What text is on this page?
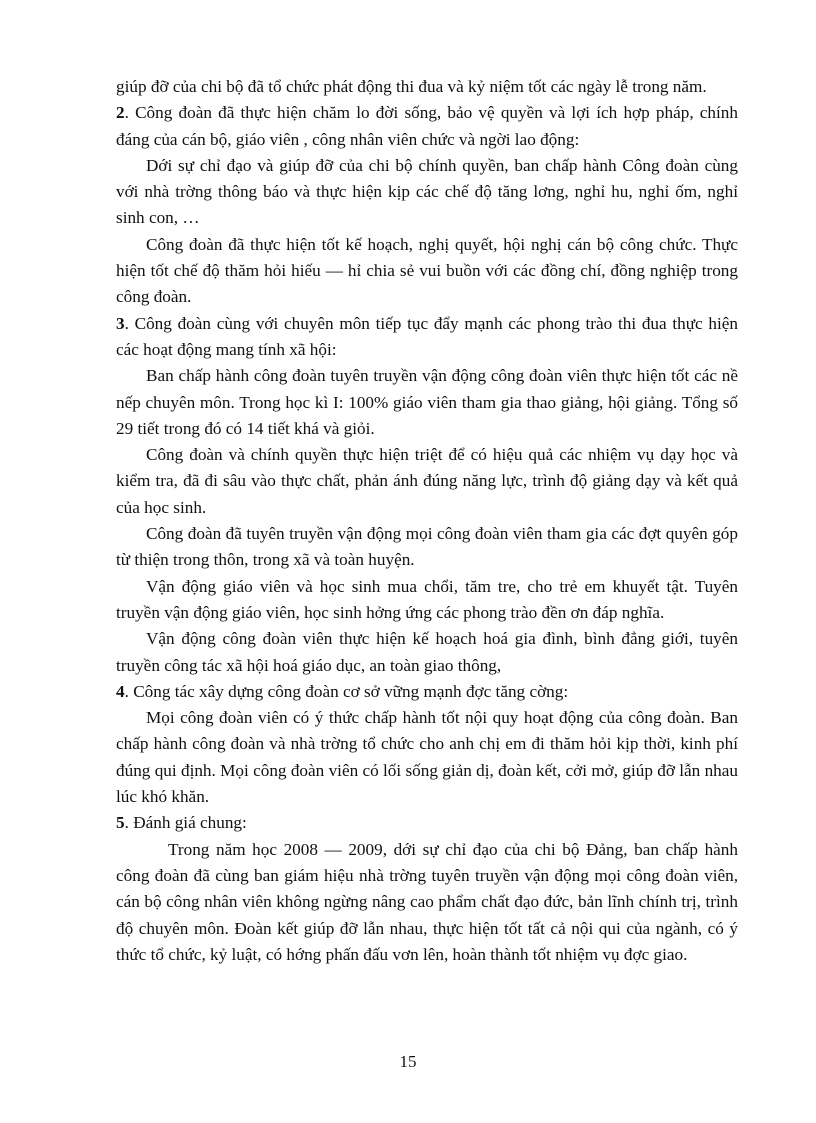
giúp đỡ của chi bộ đã tổ chức phát động thi đua và kỷ niệm tốt các ngày lễ trong năm.

2. Công đoàn đã thực hiện chăm lo đời sống, bảo vệ quyền và lợi ích hợp pháp, chính đáng của cán bộ, giáo viên , công nhân viên chức và ngời lao động:

Dới sự chỉ đạo và giúp đỡ của chi bộ chính quyền, ban chấp hành Công đoàn cùng với nhà trờng thông báo và thực hiện kịp các chế độ tăng lơng, nghỉ hu, nghỉ ốm, nghỉ sinh con, …

Công đoàn đã thực hiện tốt kế hoạch, nghị quyết, hội nghị cán bộ công chức. Thực hiện tốt chế độ thăm hỏi hiếu — hỉ chia sẻ vui buồn với các đồng chí, đồng nghiệp trong công đoàn.

3. Công đoàn cùng với chuyên môn tiếp tục đẩy mạnh các phong trào thi đua thực hiện các hoạt động mang tính xã hội:

Ban chấp hành công đoàn tuyên truyền vận động công đoàn viên thực hiện tốt các nề nếp chuyên môn. Trong học kì I: 100% giáo viên tham gia thao giảng, hội giảng. Tổng số 29 tiết trong đó có 14 tiết khá và giỏi.

Công đoàn và chính quyền thực hiện triệt để có hiệu quả các nhiệm vụ dạy học và kiểm tra, đã đi sâu vào thực chất, phản ánh đúng năng lực, trình độ giảng dạy và kết quả của học sinh.

Công đoàn đã tuyên truyền vận động mọi công đoàn viên tham gia các đợt quyên góp từ thiện trong thôn, trong xã và toàn huyện.

Vận động giáo viên và học sinh mua chổi, tăm tre, cho trẻ em khuyết tật. Tuyên truyền vận động giáo viên, học sinh hởng ứng các phong trào đền ơn đáp nghĩa.

Vận động công đoàn viên thực hiện kế hoạch hoá gia đình, bình đẳng giới, tuyên truyền công tác xã hội hoá giáo dục, an toàn giao thông,

4. Công tác xây dựng công đoàn cơ sở vững mạnh đợc tăng cờng:

Mọi công đoàn viên có ý thức chấp hành tốt nội quy hoạt động của công đoàn. Ban chấp hành công đoàn và nhà trờng tổ chức cho anh chị em đi thăm hỏi kịp thời, kinh phí đúng qui định. Mọi công đoàn viên có lối sống giản dị, đoàn kết, cởi mở, giúp đỡ lẫn nhau lúc khó khăn.

5. Đánh giá chung:

Trong năm học 2008 — 2009, dới sự chỉ đạo của chi bộ Đảng, ban chấp hành công đoàn đã cùng ban giám hiệu nhà trờng tuyên truyền vận động mọi công đoàn viên, cán bộ công nhân viên không ngừng nâng cao phẩm chất đạo đức, bản lĩnh chính trị, trình độ chuyên môn. Đoàn kết giúp đỡ lẫn nhau, thực hiện tốt tất cả nội qui của ngành, có ý thức tổ chức, kỷ luật, có hớng phấn đấu vơn lên, hoàn thành tốt nhiệm vụ đợc giao.

15
